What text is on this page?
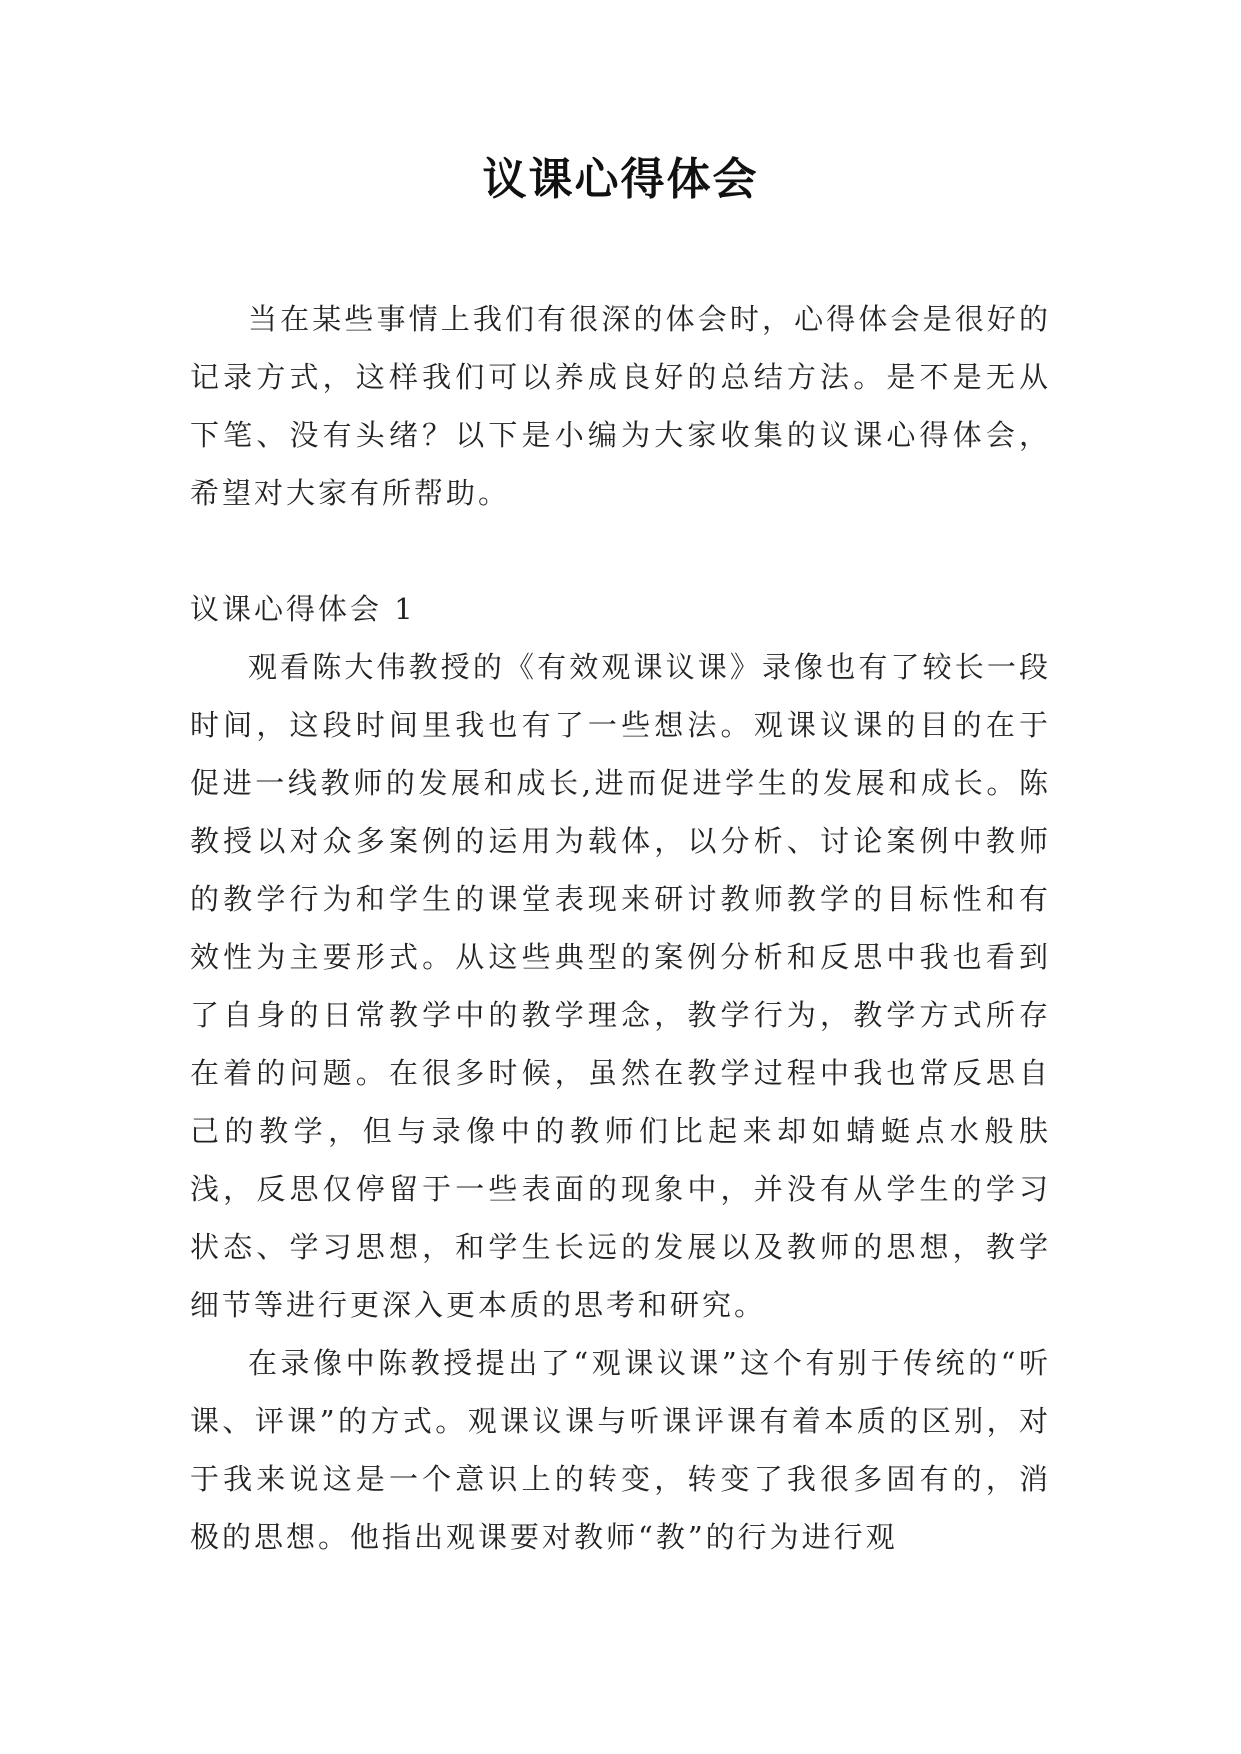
议课心得体会

当在某些事情上我们有很深的体会时，心得体会是很好的记录方式，这样我们可以养成良好的总结方法。是不是无从下笔、没有头绪？以下是小编为大家收集的议课心得体会，希望对大家有所帮助。

议课心得体会 1

观看陈大伟教授的《有效观课议课》录像也有了较长一段时间，这段时间里我也有了一些想法。观课议课的目的在于促进一线教师的发展和成长,进而促进学生的发展和成长。陈教授以对众多案例的运用为载体，以分析、讨论案例中教师的教学行为和学生的课堂表现来研讨教师教学的目标性和有效性为主要形式。从这些典型的案例分析和反思中我也看到了自身的日常教学中的教学理念，教学行为，教学方式所存在着的问题。在很多时候，虽然在教学过程中我也常反思自己的教学，但与录像中的教师们比起来却如蜻蜓点水般肤浅，反思仅停留于一些表面的现象中，并没有从学生的学习状态、学习思想，和学生长远的发展以及教师的思想，教学细节等进行更深入更本质的思考和研究。

在录像中陈教授提出了“观课议课”这个有别于传统的“听课、评课”的方式。观课议课与听课评课有着本质的区别，对于我来说这是一个意识上的转变，转变了我很多固有的，消极的思想。他指出观课要对教师“教”的行为进行观
